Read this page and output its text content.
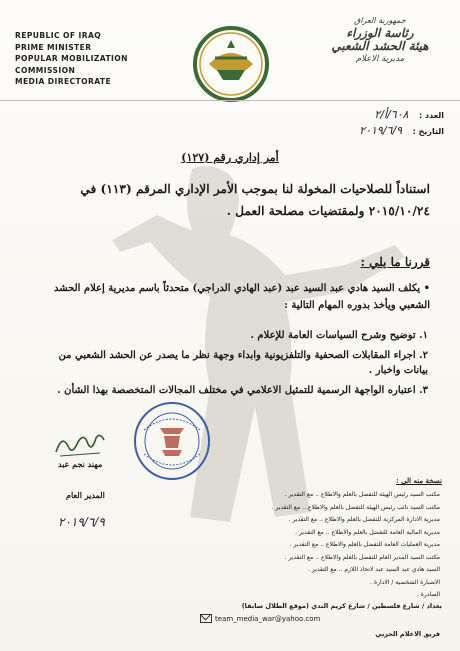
REPUBLIC OF IRAQ
PRIME MINISTER
POPULAR MOBILIZATION
COMMISSION
MEDIA DIRECTORATE
جمهورية العراق
رئاسة الوزراء
هيئة الحشد الشعبي
مديرية الاعلام
العدد : ٦٠٨/أ/٢
التاريخ : ٢٠١٩/٦/٩
أمر إداري رقم (١٢٧)
استناداً للصلاحيات المخولة لنا بموجب الأمر الإداري المرقم (١١٣) في ٢٠١٥/١٠/٢٤ ولمقتضيات مصلحة العمل .
قررنا ما يلي :
• يكلف السيد هادي عبد السيد عبد (عبد الهادي الدراجي) متحدثاً باسم مديرية إعلام الحشد الشعبي ويأخذ بدوره المهام التالية :
١. توضيح وشرح السياسات العامة للإعلام .
٢. اجراء المقابلات الصحفية والتلفزيونية وابداء وجهة نظر ما يصدر عن الحشد الشعبي من بيانات واخبار .
٣. اعتباره الواجهة الرسمية للتمثيل الاعلامي في مختلف المجالات المتخصصة بهذا الشأن .
مهند نجم عبد
المدير العام
٢٠١٩/٦/٩
نسخة منه الى :
مكتب السيد رئيس الهيئة للتفضل بالعلم والاطلاع .. مع التقدير .
مكتب السيد نائب رئيس الهيئة للتفضل بالعلم والاطلاع .. مع التقدير .
مديرية الادارة المركزية للتفضل بالعلم والاطلاع .. مع التقدير .
مديرية المالية العامة للتفضل بالعلم والاطلاع .. مع التقدير .
مديرية العمليات العامة للتفضل بالعلم والاطلاع .. مع التقدير .
مكتب السيد المدير العام للتفضل بالعلم والاطلاع .. مع التقدير .
السيد هادي عبد السيد عبد لاتخاذ اللازم .. مع التقدير .
الاضبارة الشخصية / الادارة .
الصادرة .
بغداد / شارع فلسطين / شارع كريم الندي (موقع الطلال سابقا)
team_media_war@yahoo.com
فريق الاعلام الحربي
